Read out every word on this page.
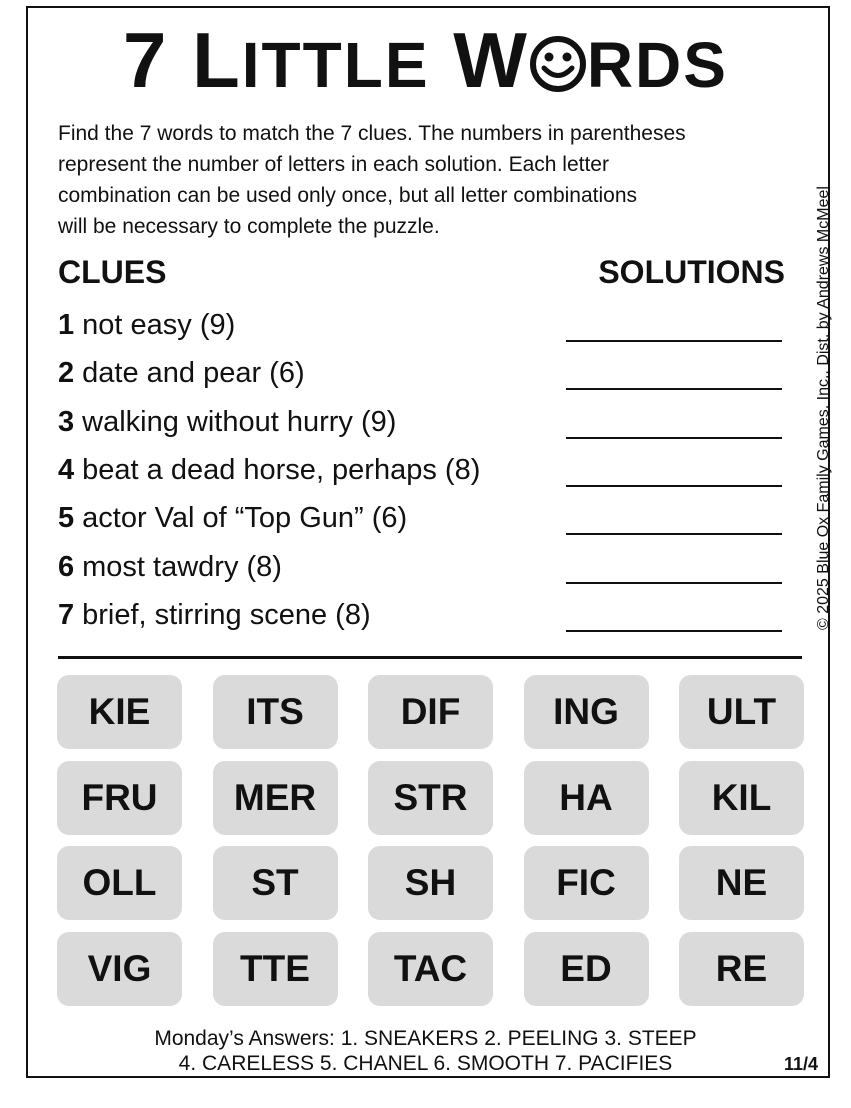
7 LITTLE W RDS
Find the 7 words to match the 7 clues. The numbers in parentheses
represent the number of letters in each solution. Each letter
combination can be used only once, but all letter combinations
will be necessary to complete the puzzle.
CLUES	SOLUTIONS
1 not easy (9)
2 date and pear (6)
3 walking without hurry (9)
4 beat a dead horse, perhaps (8)
5 actor Val of “Top Gun” (6)
6 most tawdry (8)
7 brief, stirring scene (8)	© 2025 Blue Ox Family Games, Inc., Dist. by Andrews McMeel
KIE	ITS	DIF	ING	ULT
FRU	MER	STR	HA	KIL
OLL	ST	SH	FIC	NE
VIG	TTE	TAC	ED	RE
Monday’s Answers: 1. SNEAKERS 2. PEELING 3. STEEP
4. CARELESS 5. CHANEL 6. SMOOTH 7. PACIFIES	11/4
